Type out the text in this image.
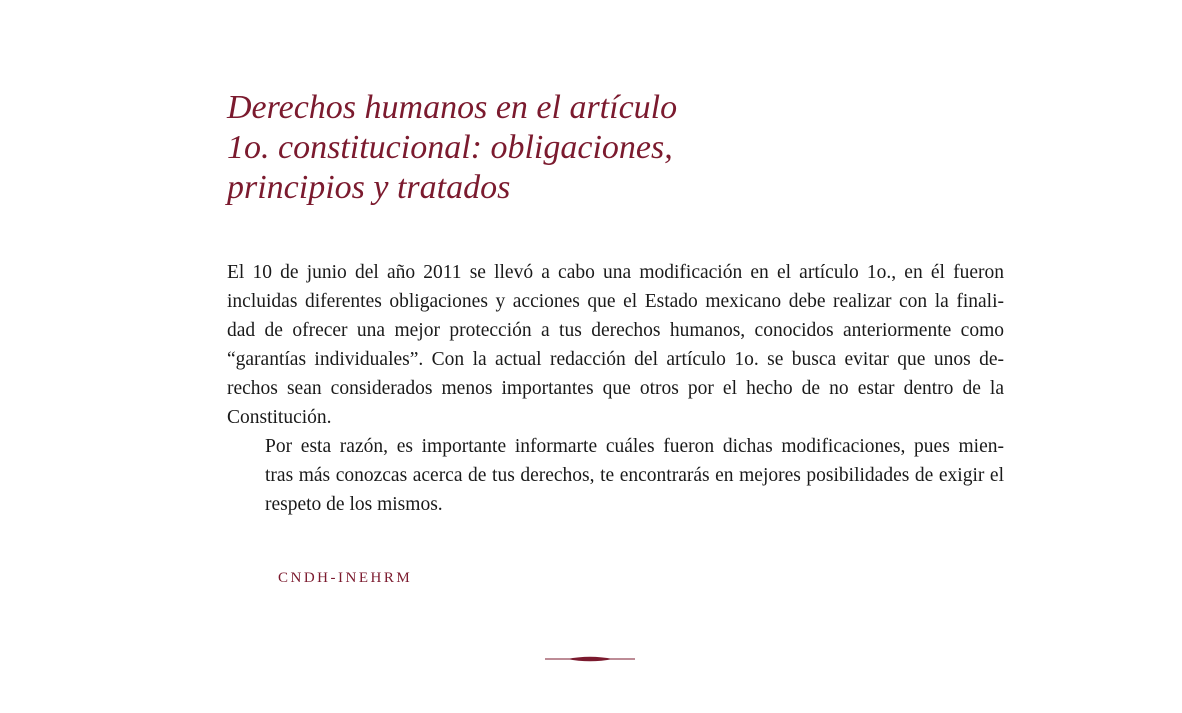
Derechos humanos en el artículo
1o. constitucional: obligaciones,
principios y tratados

El 10 de junio del año 2011 se llevó a cabo una modificación en el artículo 1o., en él fueron
incluidas diferentes obligaciones y acciones que el Estado mexicano debe realizar con la finali-
dad de ofrecer una mejor protección a tus derechos humanos, conocidos anteriormente como
“garantías individuales”. Con la actual redacción del artículo 1o. se busca evitar que unos de-
rechos sean considerados menos importantes que otros por el hecho de no estar dentro de la
Constitución.

Por esta razón, es importante informarte cuáles fueron dichas modificaciones, pues mien-
tras más conozcas acerca de tus derechos, te encontrarás en mejores posibilidades de exigir el
respeto de los mismos.

CNDH-INEHRM
